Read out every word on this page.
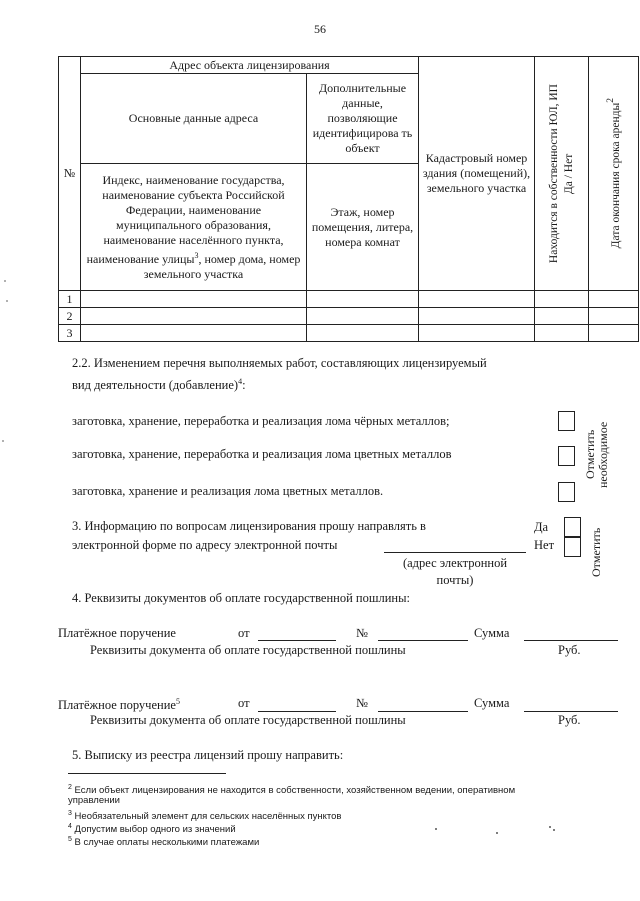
56
№	Адрес объекта лицензирования		Кадастровый номер здания (помещений), земельного участка	Находится в собственности ЮЛ, ИП Да / Нет	Дата окончания срока аренды$^2$

	Основные данные адреса	Дополнительные данные, позволяющие идентифицирова ть объект			
	Индекс, наименование государства, наименование субъекта Российской Федерации, наименование муниципального образования, наименование населённого пункта, наименование улицы$^3$, номер дома, номер земельного участка	Этаж, номер помещения, литера, номера комнат			
1					
2					
3					
2.2. Изменением перечня выполняемых работ, составляющих лицензируемый
вид деятельности (добавление)$^4$:
заготовка, хранение, переработка и реализация лома чёрных металлов;
заготовка, хранение, переработка и реализация лома цветных металлов
заготовка, хранение и реализация лома цветных металлов.
Отметить
необходимое
3. Информацию по вопросам лицензирования прошу направлять в
электронной форме по адресу электронной почты
(адрес электронной
почты)
Да
Нет	Отметить
4. Реквизиты документов об оплате государственной пошлины:
Платёжное поручение	от	№	Сумма
Реквизиты документа об оплате государственной пошлины	Руб.
Платёжное поручение$^5$	от	№	Сумма
Реквизиты документа об оплате государственной пошлины	Руб.
5. Выписку из реестра лицензий прошу направить:
$^2$ Если объект лицензирования не находится в собственности, хозяйственном ведении, оперативном
управлении
$^3$ Необязательный элемент для сельских населённых пунктов
$^4$ Допустим выбор одного из значений
$^5$ В случае оплаты несколькими платежами
